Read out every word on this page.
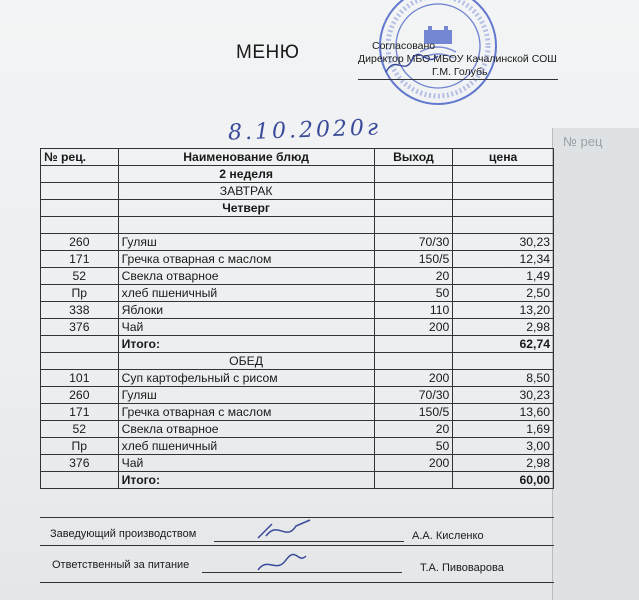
№ рец
МЕНЮ	Согласовано
Директор МБО МБОУ Качалинской СОШ
Г.М. Голубь
8.10.2020г
№ рец.	Наименование блюд	Выход	цена
	2 неделя		
	ЗАВТРАК		
	Четверг		

260	Гуляш	70/30	30,23
171	Гречка отварная с маслом	150/5	12,34
52	Свекла отварное	20	1,49
Пр	хлеб пшеничный	50	2,50
338	Яблоки	110	13,20
376	Чай	200	2,98
	Итого:		62,74
	ОБЕД		
101	Суп картофельный с рисом	200	8,50
260	Гуляш	70/30	30,23
171	Гречка отварная с маслом	150/5	13,60
52	Свекла отварное	20	1,69
Пр	хлеб пшеничный	50	3,00
376	Чай	200	2,98
	Итого:		60,00
Заведующий производством	А.А. Кисленко
Ответственный за питание	Т.А. Пивоварова
